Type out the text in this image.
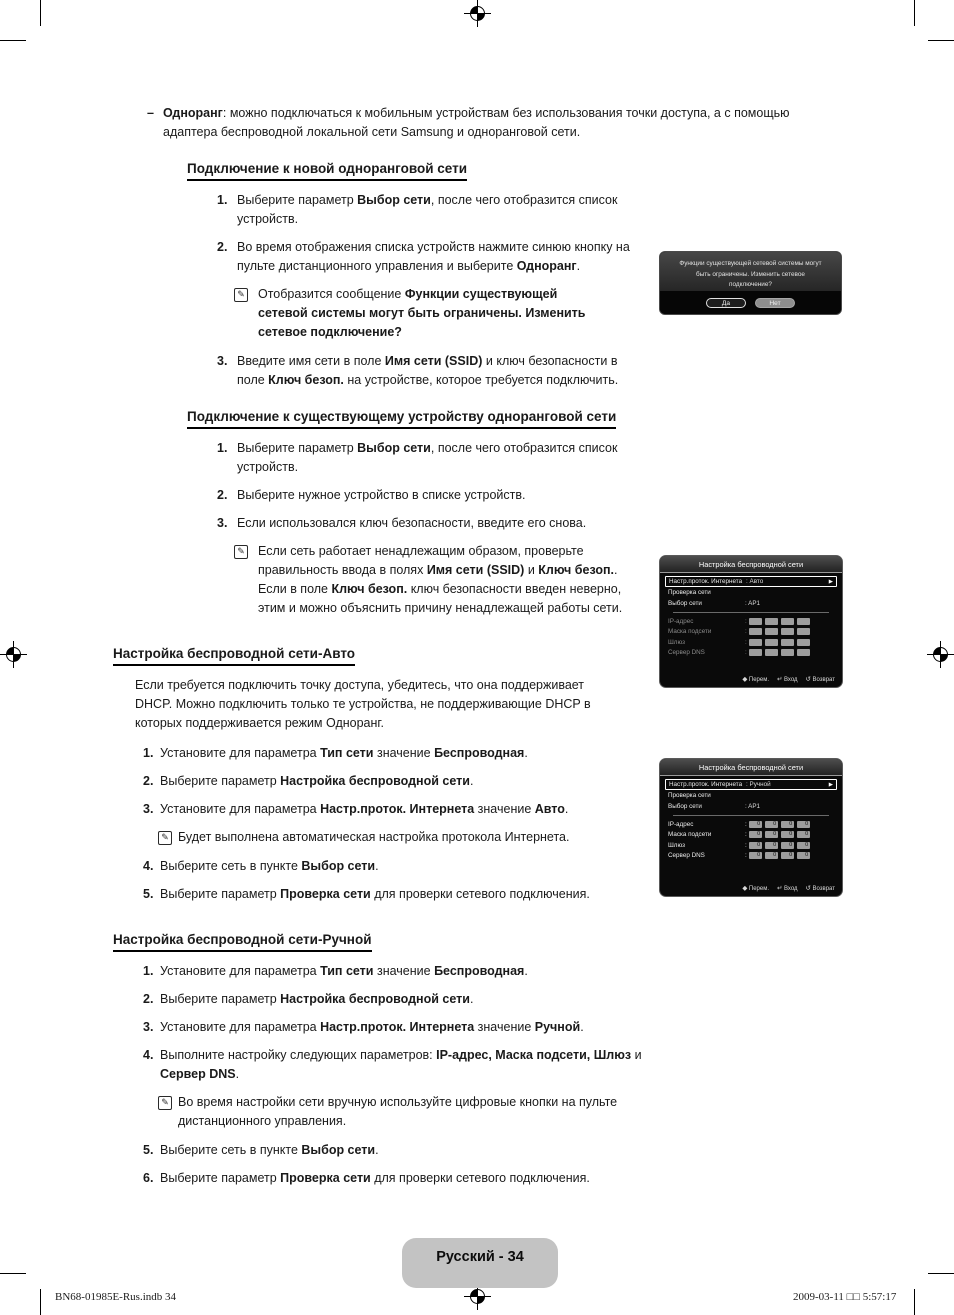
– Одноранг: можно подключаться к мобильным устройствам без использования точки доступа, а с помощью адаптера беспроводной локальной сети Samsung и одноранговой сети.
Подключение к новой одноранговой сети
1. Выберите параметр Выбор сети, после чего отобразится список устройств.
2. Во время отображения списка устройств нажмите синюю кнопку на пульте дистанционного управления и выберите Одноранг.
✎ Отобразится сообщение Функции существующей сетевой системы могут быть ограничены. Изменить сетевое подключение?
3. Введите имя сети в поле Имя сети (SSID) и ключ безопасности в поле Ключ безоп. на устройстве, которое требуется подключить.
Подключение к существующему устройству одноранговой сети
1. Выберите параметр Выбор сети, после чего отобразится список устройств.
2. Выберите нужное устройство в списке устройств.
3. Если использовался ключ безопасности, введите его снова.
✎ Если сеть работает ненадлежащим образом, проверьте правильность ввода в полях Имя сети (SSID) и Ключ безоп.. Если в поле Ключ безоп. ключ безопасности введен неверно, этим и можно объяснить причину ненадлежащей работы сети.
Настройка беспроводной сети-Авто
Если требуется подключить точку доступа, убедитесь, что она поддерживает DHCP. Можно подключить только те устройства, не поддерживающие DHCP в которых поддерживается режим Одноранг.
1. Установите для параметра Тип сети значение Беспроводная.
2. Выберите параметр Настройка беспроводной сети.
3. Установите для параметра Настр.проток. Интернета значение Авто.
✎ Будет выполнена автоматическая настройка протокола Интернета.
4. Выберите сеть в пункте Выбор сети.
5. Выберите параметр Проверка сети для проверки сетевого подключения.
Настройка беспроводной сети-Ручной
1. Установите для параметра Тип сети значение Беспроводная.
2. Выберите параметр Настройка беспроводной сети.
3. Установите для параметра Настр.проток. Интернета значение Ручной.
4. Выполните настройку следующих параметров: IP-адрес, Маска подсети, Шлюз и Сервер DNS.
✎ Во время настройки сети вручную используйте цифровые кнопки на пульте дистанционного управления.
5. Выберите сеть в пункте Выбор сети.
6. Выберите параметр Проверка сети для проверки сетевого подключения.
Функции существующей сетевой системы могут быть ограничены. Изменить сетевое подключение?
Да	Нет
Настройка беспроводной сети
Настр.проток. Интернета : Авто	▶
Проверка сети
Выбор сети	: AP1
IP-адрес	:
Маска подсети	:
Шлюз	:
Сервер DNS	:
◆ Перем. ↵ Вход ↺ Возврат
Настройка беспроводной сети
Настр.проток. Интернета : Ручной	▶
Проверка сети
Выбор сети	: AP1
IP-адрес	:	0	0	0	0
Маска подсети	:	0	0	0	0
Шлюз	:	0	0	0	0
Сервер DNS	:	0	0	0	0
◆ Перем. ↵ Вход ↺ Возврат
Русский - 34
BN68-01985E-Rus.indb 34	2009-03-11 □□ 5:57:17
